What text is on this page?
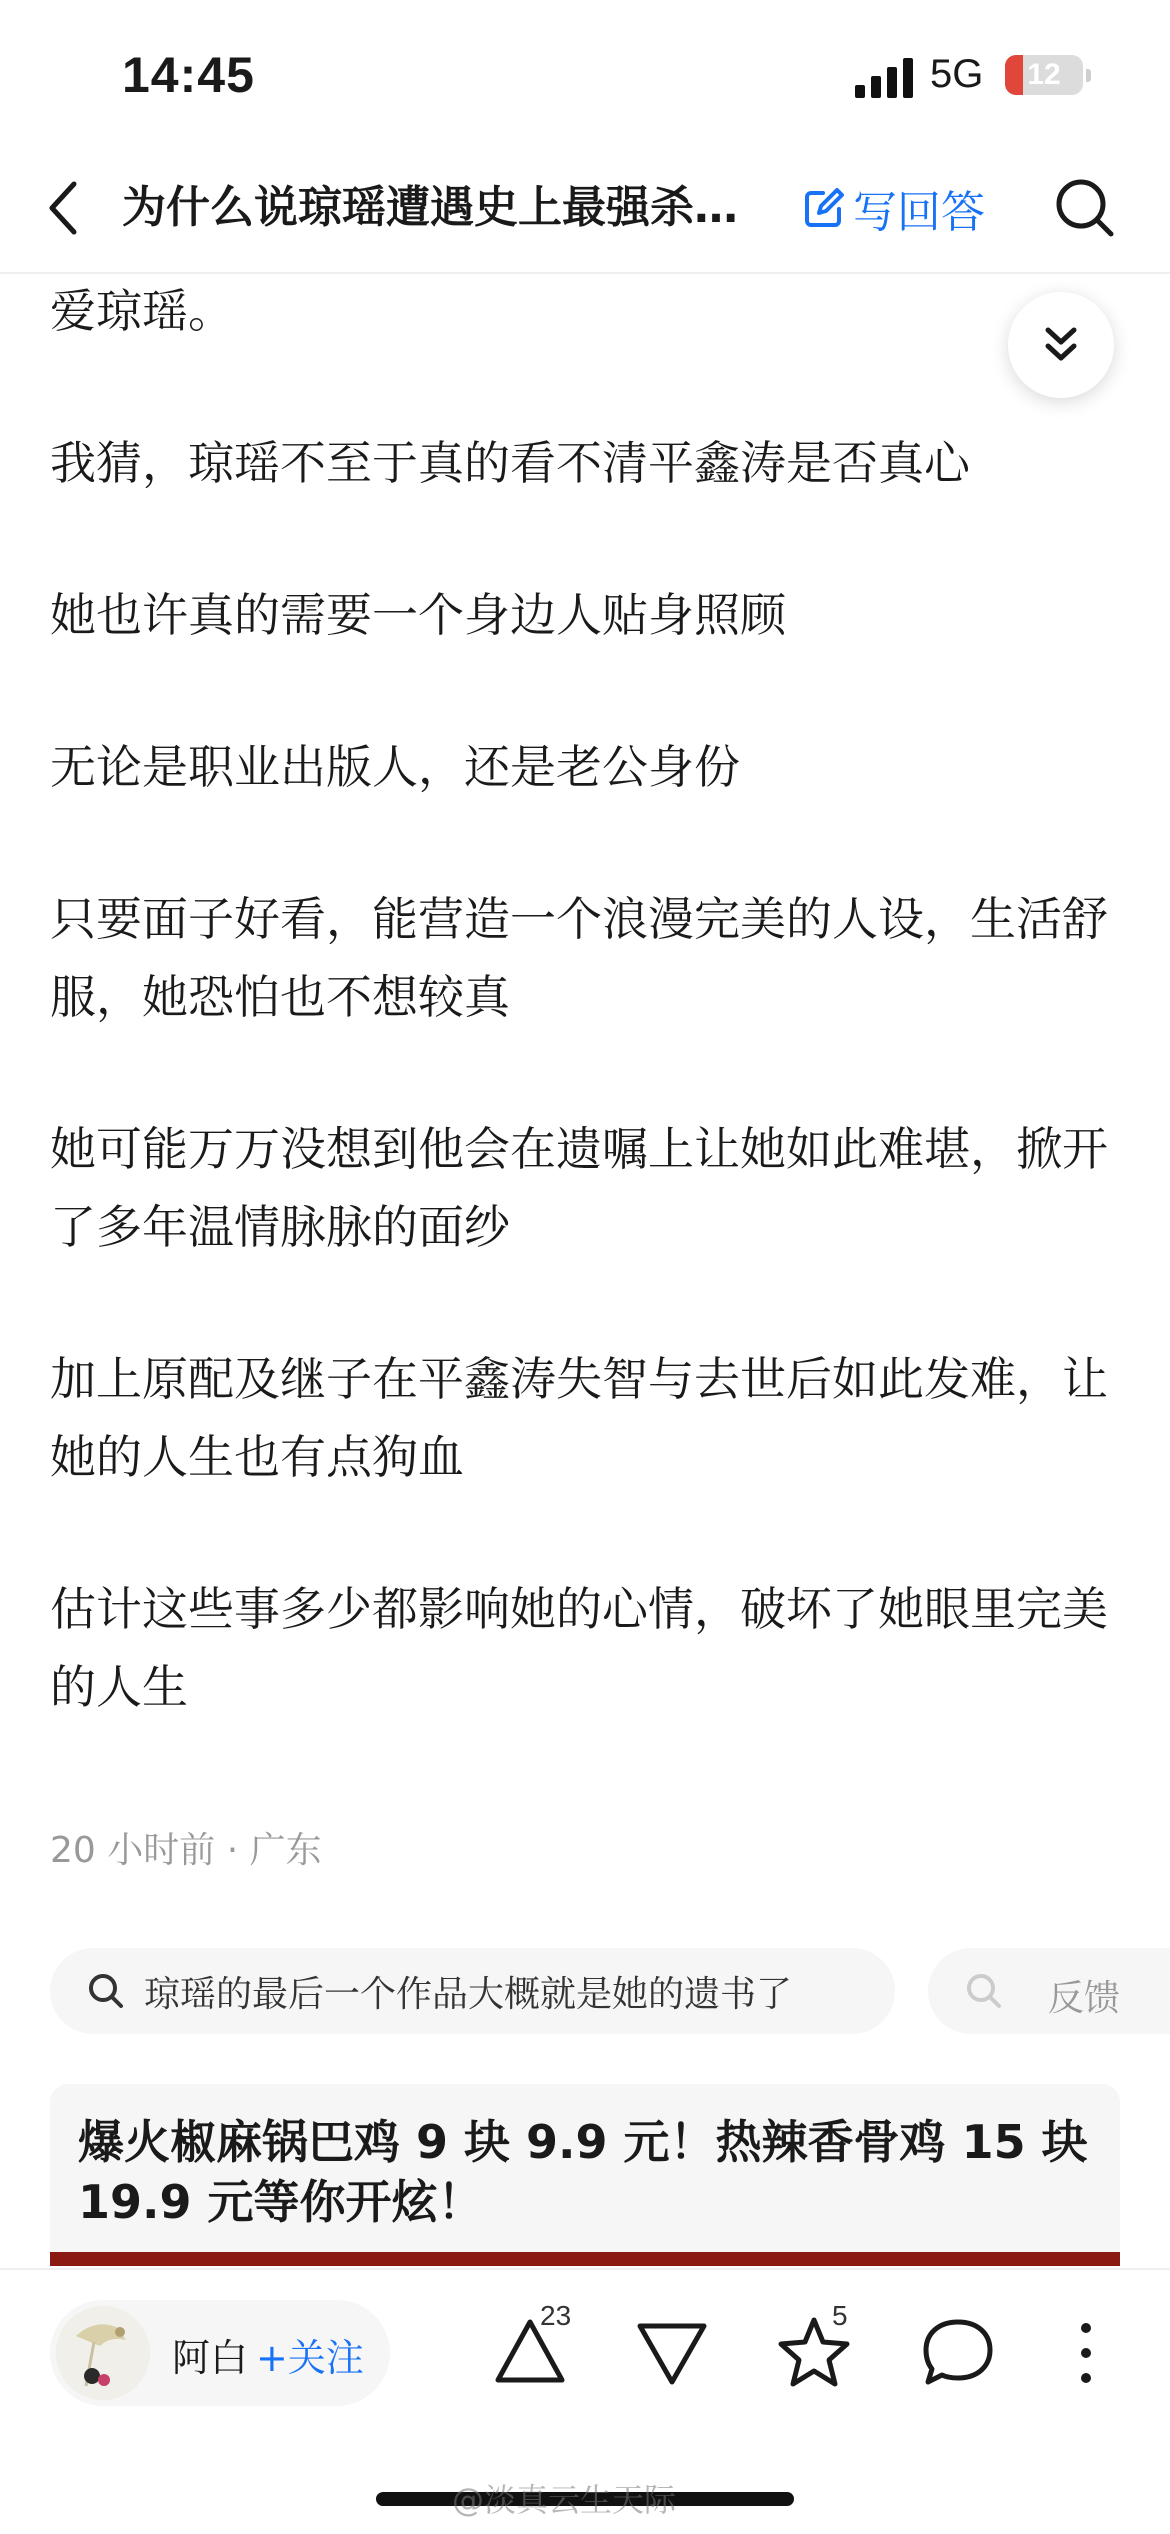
14:45	5G	12
为什么说琼瑶遭遇史上最强杀…	写回答

爱琼瑶。

我猜，琼瑶不至于真的看不清平鑫涛是否真心

她也许真的需要一个身边人贴身照顾

无论是职业出版人，还是老公身份

只要面子好看，能营造一个浪漫完美的人设，生活舒服，她恐怕也不想较真

她可能万万没想到他会在遗嘱上让她如此难堪，掀开了多年温情脉脉的面纱

加上原配及继子在平鑫涛失智与去世后如此发难，让她的人生也有点狗血

估计这些事多少都影响她的心情，破坏了她眼里完美的人生

20 小时前 · 广东
琼瑶的最后一个作品大概就是她的遗书了	反馈
爆火椒麻锅巴鸡 9 块 9.9 元！热辣香骨鸡 15 块 19.9 元等你开炫！
阿白 +关注
23	5
@淡真云生天际
